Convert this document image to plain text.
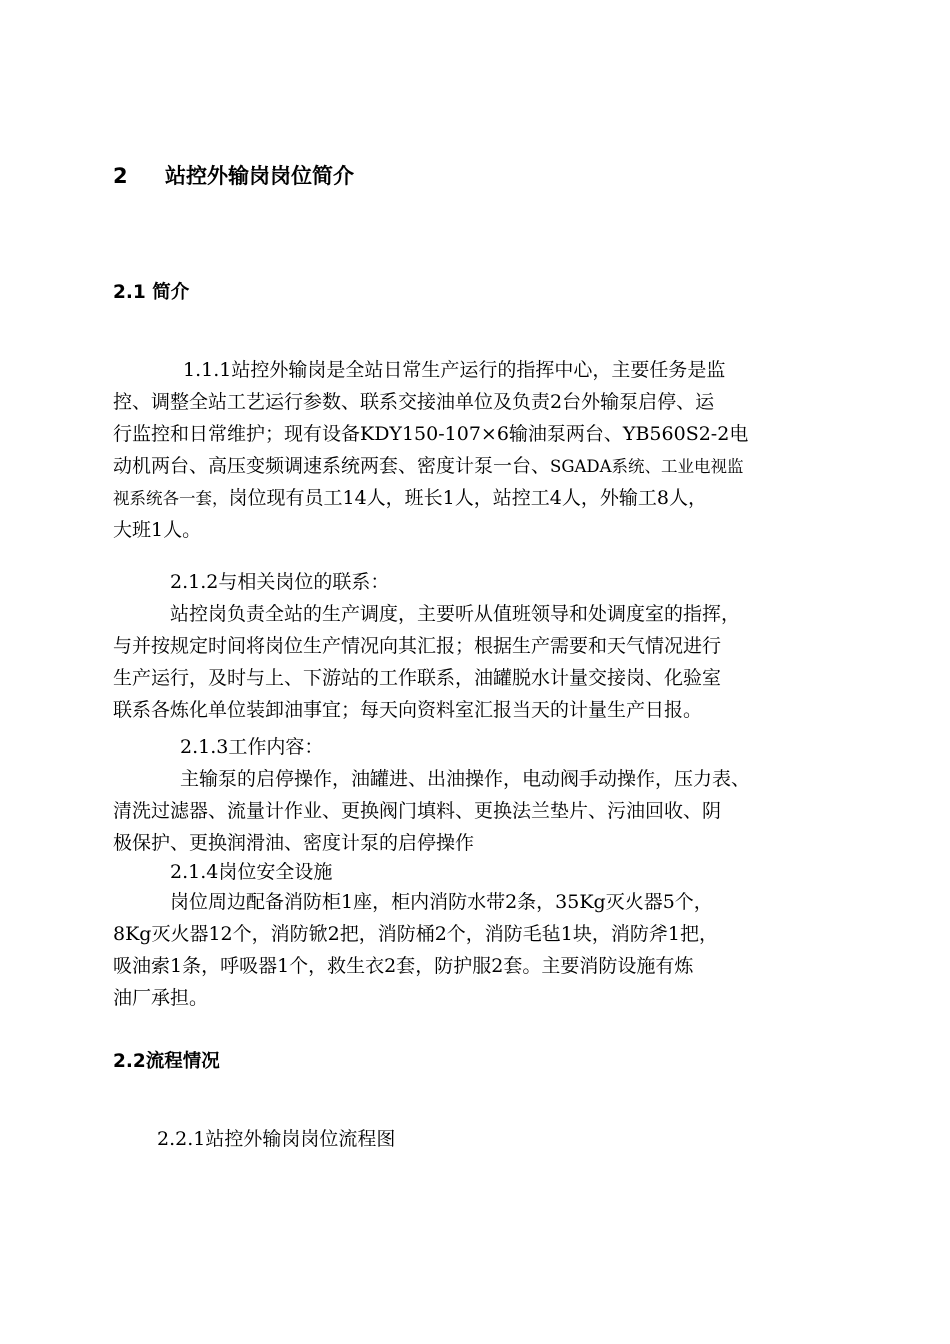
2 站控外输岗岗位简介
2.1 简介
1.1.1站控外输岗是全站日常生产运行的指挥中心，主要任务是监
控、调整全站工艺运行参数、联系交接油单位及负责2台外输泵启停、运
行监控和日常维护；现有设备KDY150-107×6输油泵两台、YB560S2-2电
动机两台、高压变频调速系统两套、密度计泵一台、SGADA系统、工业电视监
视系统各一套，岗位现有员工14人，班长1人，站控工4人，外输工8人，
大班1人。
2.1.2与相关岗位的联系：
站控岗负责全站的生产调度，主要听从值班领导和处调度室的指挥，
与并按规定时间将岗位生产情况向其汇报；根据生产需要和天气情况进行
生产运行，及时与上、下游站的工作联系，油罐脱水计量交接岗、化验室
联系各炼化单位装卸油事宜；每天向资料室汇报当天的计量生产日报。
2.1.3工作内容：
主输泵的启停操作，油罐进、出油操作，电动阀手动操作，压力表、
清洗过滤器、流量计作业、更换阀门填料、更换法兰垫片、污油回收、阴
极保护、更换润滑油、密度计泵的启停操作
2.1.4岗位安全设施
岗位周边配备消防柜1座，柜内消防水带2条，35Kg灭火器5个，
8Kg灭火器12个，消防锨2把，消防桶2个，消防毛毡1块，消防斧1把，
吸油索1条，呼吸器1个，救生衣2套，防护服2套。主要消防设施有炼
油厂承担。
2.2流程情况
2.2.1站控外输岗岗位流程图
